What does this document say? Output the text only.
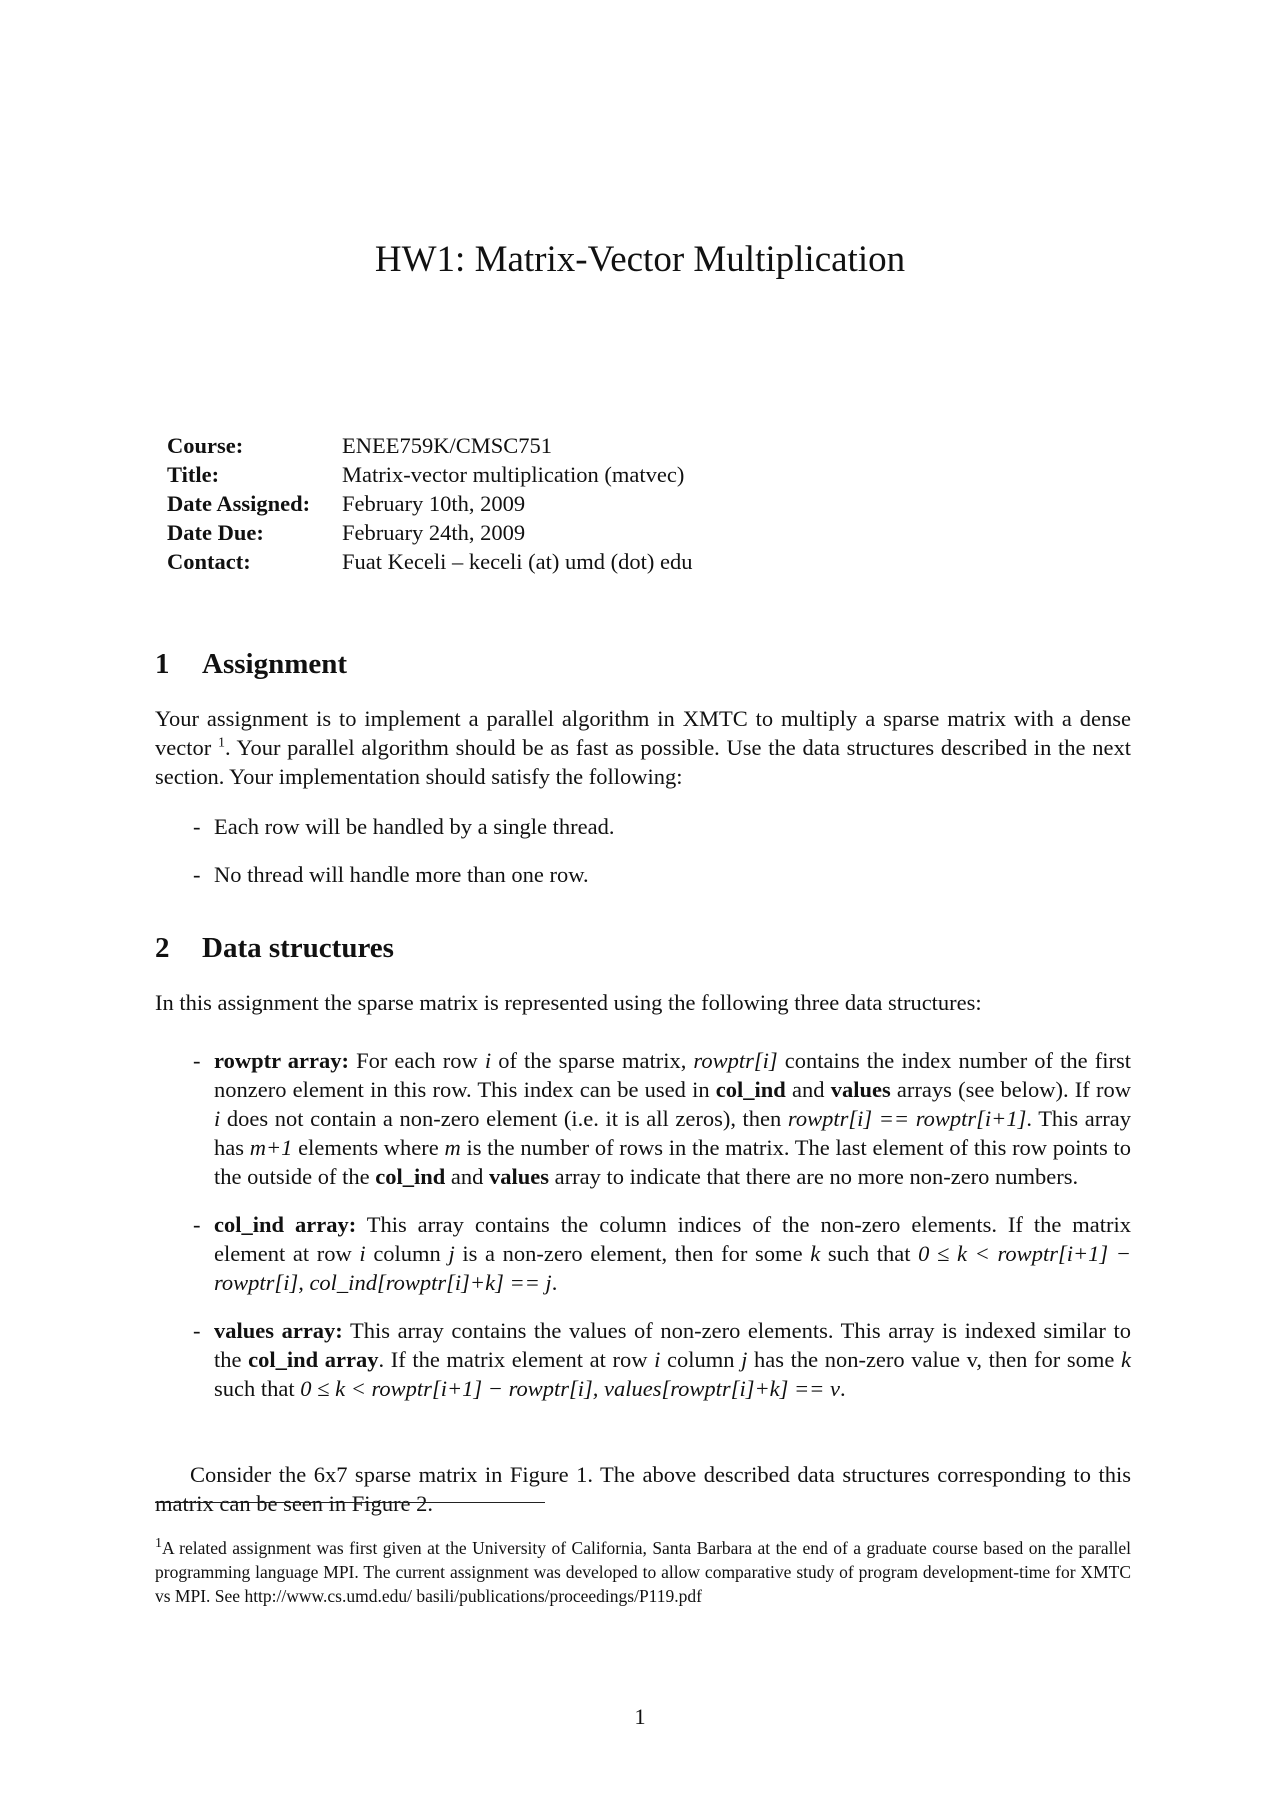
HW1: Matrix-Vector Multiplication
Course:	ENEE759K/CMSC751
Title:	Matrix-vector multiplication (matvec)
Date Assigned:	February 10th, 2009
Date Due:	February 24th, 2009
Contact:	Fuat Keceli – keceli (at) umd (dot) edu
1 Assignment

Your assignment is to implement a parallel algorithm in XMTC to multiply a sparse matrix with a dense vector $^1$. Your parallel algorithm should be as fast as possible. Use the data structures described in the next section. Your implementation should satisfy the following:

- Each row will be handled by a single thread.
- No thread will handle more than one row.
2 Data structures

In this assignment the sparse matrix is represented using the following three data structures:

- rowptr array: For each row i of the sparse matrix, rowptr[i] contains the index number of the first nonzero element in this row. This index can be used in col_ind and values arrays (see below). If row i does not contain a non-zero element (i.e. it is all zeros), then rowptr[i] == rowptr[i+1]. This array has m+1 elements where m is the number of rows in the matrix. The last element of this row points to the outside of the col_ind and values array to indicate that there are no more non-zero numbers.
- col_ind array: This array contains the column indices of the non-zero elements. If the matrix element at row i column j is a non-zero element, then for some k such that 0 ≤ k < rowptr[i+1] − rowptr[i], col_ind[rowptr[i]+k] == j.
- values array: This array contains the values of non-zero elements. This array is indexed similar to the col_ind array. If the matrix element at row i column j has the non-zero value v, then for some k such that 0 ≤ k < rowptr[i+1] − rowptr[i], values[rowptr[i]+k] == v.

Consider the 6x7 sparse matrix in Figure 1. The above described data structures corresponding to this matrix can be seen in Figure 2.

$^1$A related assignment was first given at the University of California, Santa Barbara at the end of a graduate course based on the parallel programming language MPI. The current assignment was developed to allow comparative study of program development-time for XMTC vs MPI. See http://www.cs.umd.edu/ basili/publications/proceedings/P119.pdf

1
